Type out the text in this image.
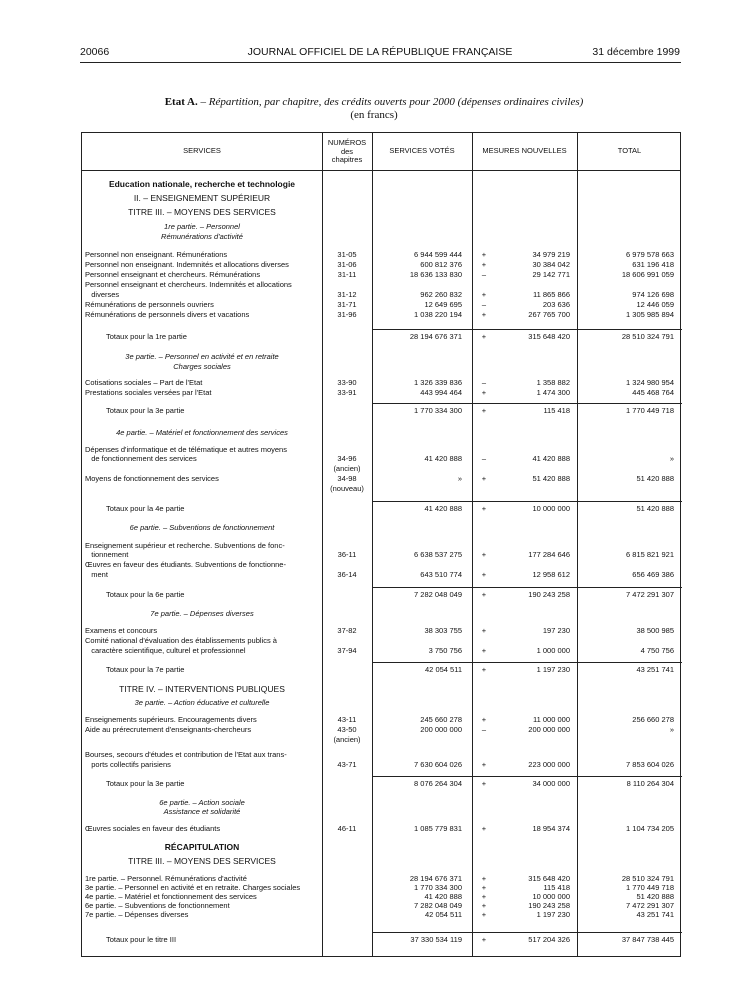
20066	JOURNAL OFFICIEL DE LA RÉPUBLIQUE FRANÇAISE	31 décembre 1999
Etat A. – Répartition, par chapitre, des crédits ouverts pour 2000 (dépenses ordinaires civiles)
(en francs)
SERVICES
NUMÉROS
des
chapitres
SERVICES VOTÉS	MESURES NOUVELLES	TOTAL
Education nationale, recherche et technologie
II. – ENSEIGNEMENT SUPÉRIEUR
TITRE III. – MOYENS DES SERVICES
1re partie. – Personnel
Rémunérations d'activité
Personnel non enseignant. Rémunérations	31-05	6 944 599 444	+	34 979 219	6 979 578 663
Personnel non enseignant. Indemnités et allocations diverses	31-06	600 812 376	+	30 384 042	631 196 418
Personnel enseignant et chercheurs. Rémunérations	31-11	18 636 133 830	–	29 142 771	18 606 991 059
Personnel enseignant et chercheurs. Indemnités et allocations
diverses	31-12	962 260 832	+	11 865 866	974 126 698
Rémunérations de personnels ouvriers	31-71	12 649 695	–	203 636	12 446 059
Rémunérations de personnels divers et vacations	31-96	1 038 220 194	+	267 765 700	1 305 985 894
Totaux pour la 1re partie	28 194 676 371	+	315 648 420	28 510 324 791
3e partie. – Personnel en activité et en retraite
Charges sociales
Cotisations sociales – Part de l'Etat	33-90	1 326 339 836	–	1 358 882	1 324 980 954
Prestations sociales versées par l'Etat	33-91	443 994 464	+	1 474 300	445 468 764
Totaux pour la 3e partie	1 770 334 300	+	115 418	1 770 449 718
4e partie. – Matériel et fonctionnement des services
Dépenses d'informatique et de télématique et autres moyens
de fonctionnement des services	34-96	41 420 888	–	41 420 888	»
(ancien)
Moyens de fonctionnement des services	34-98	»	+	51 420 888	51 420 888
(nouveau)
Totaux pour la 4e partie	41 420 888	+	10 000 000	51 420 888
6e partie. – Subventions de fonctionnement
Enseignement supérieur et recherche. Subventions de fonc-
tionnement	36-11	6 638 537 275	+	177 284 646	6 815 821 921
Œuvres en faveur des étudiants. Subventions de fonctionne-
ment	36-14	643 510 774	+	12 958 612	656 469 386
Totaux pour la 6e partie	7 282 048 049	+	190 243 258	7 472 291 307
7e partie. – Dépenses diverses
Examens et concours	37-82	38 303 755	+	197 230	38 500 985
Comité national d'évaluation des établissements publics à
caractère scientifique, culturel et professionnel	37-94	3 750 756	+	1 000 000	4 750 756
Totaux pour la 7e partie	42 054 511	+	1 197 230	43 251 741
TITRE IV. – INTERVENTIONS PUBLIQUES
3e partie. – Action éducative et culturelle
Enseignements supérieurs. Encouragements divers	43-11	245 660 278	+	11 000 000	256 660 278
Aide au prérecrutement d'enseignants-chercheurs	43-50	200 000 000	–	200 000 000	»
(ancien)
Bourses, secours d'études et contribution de l'Etat aux trans-
ports collectifs parisiens	43-71	7 630 604 026	+	223 000 000	7 853 604 026
Totaux pour la 3e partie	8 076 264 304	+	34 000 000	8 110 264 304
6e partie. – Action sociale
Assistance et solidarité
Œuvres sociales en faveur des étudiants	46-11	1 085 779 831	+	18 954 374	1 104 734 205
RÉCAPITULATION
TITRE III. – MOYENS DES SERVICES
1re partie. – Personnel. Rémunérations d'activité	28 194 676 371	+	315 648 420	28 510 324 791
3e partie. – Personnel en activité et en retraite. Charges sociales	1 770 334 300	+	115 418	1 770 449 718
4e partie. – Matériel et fonctionnement des services	41 420 888	+	10 000 000	51 420 888
6e partie. – Subventions de fonctionnement	7 282 048 049	+	190 243 258	7 472 291 307
7e partie. – Dépenses diverses	42 054 511	+	1 197 230	43 251 741
Totaux pour le titre III	37 330 534 119	+	517 204 326	37 847 738 445
